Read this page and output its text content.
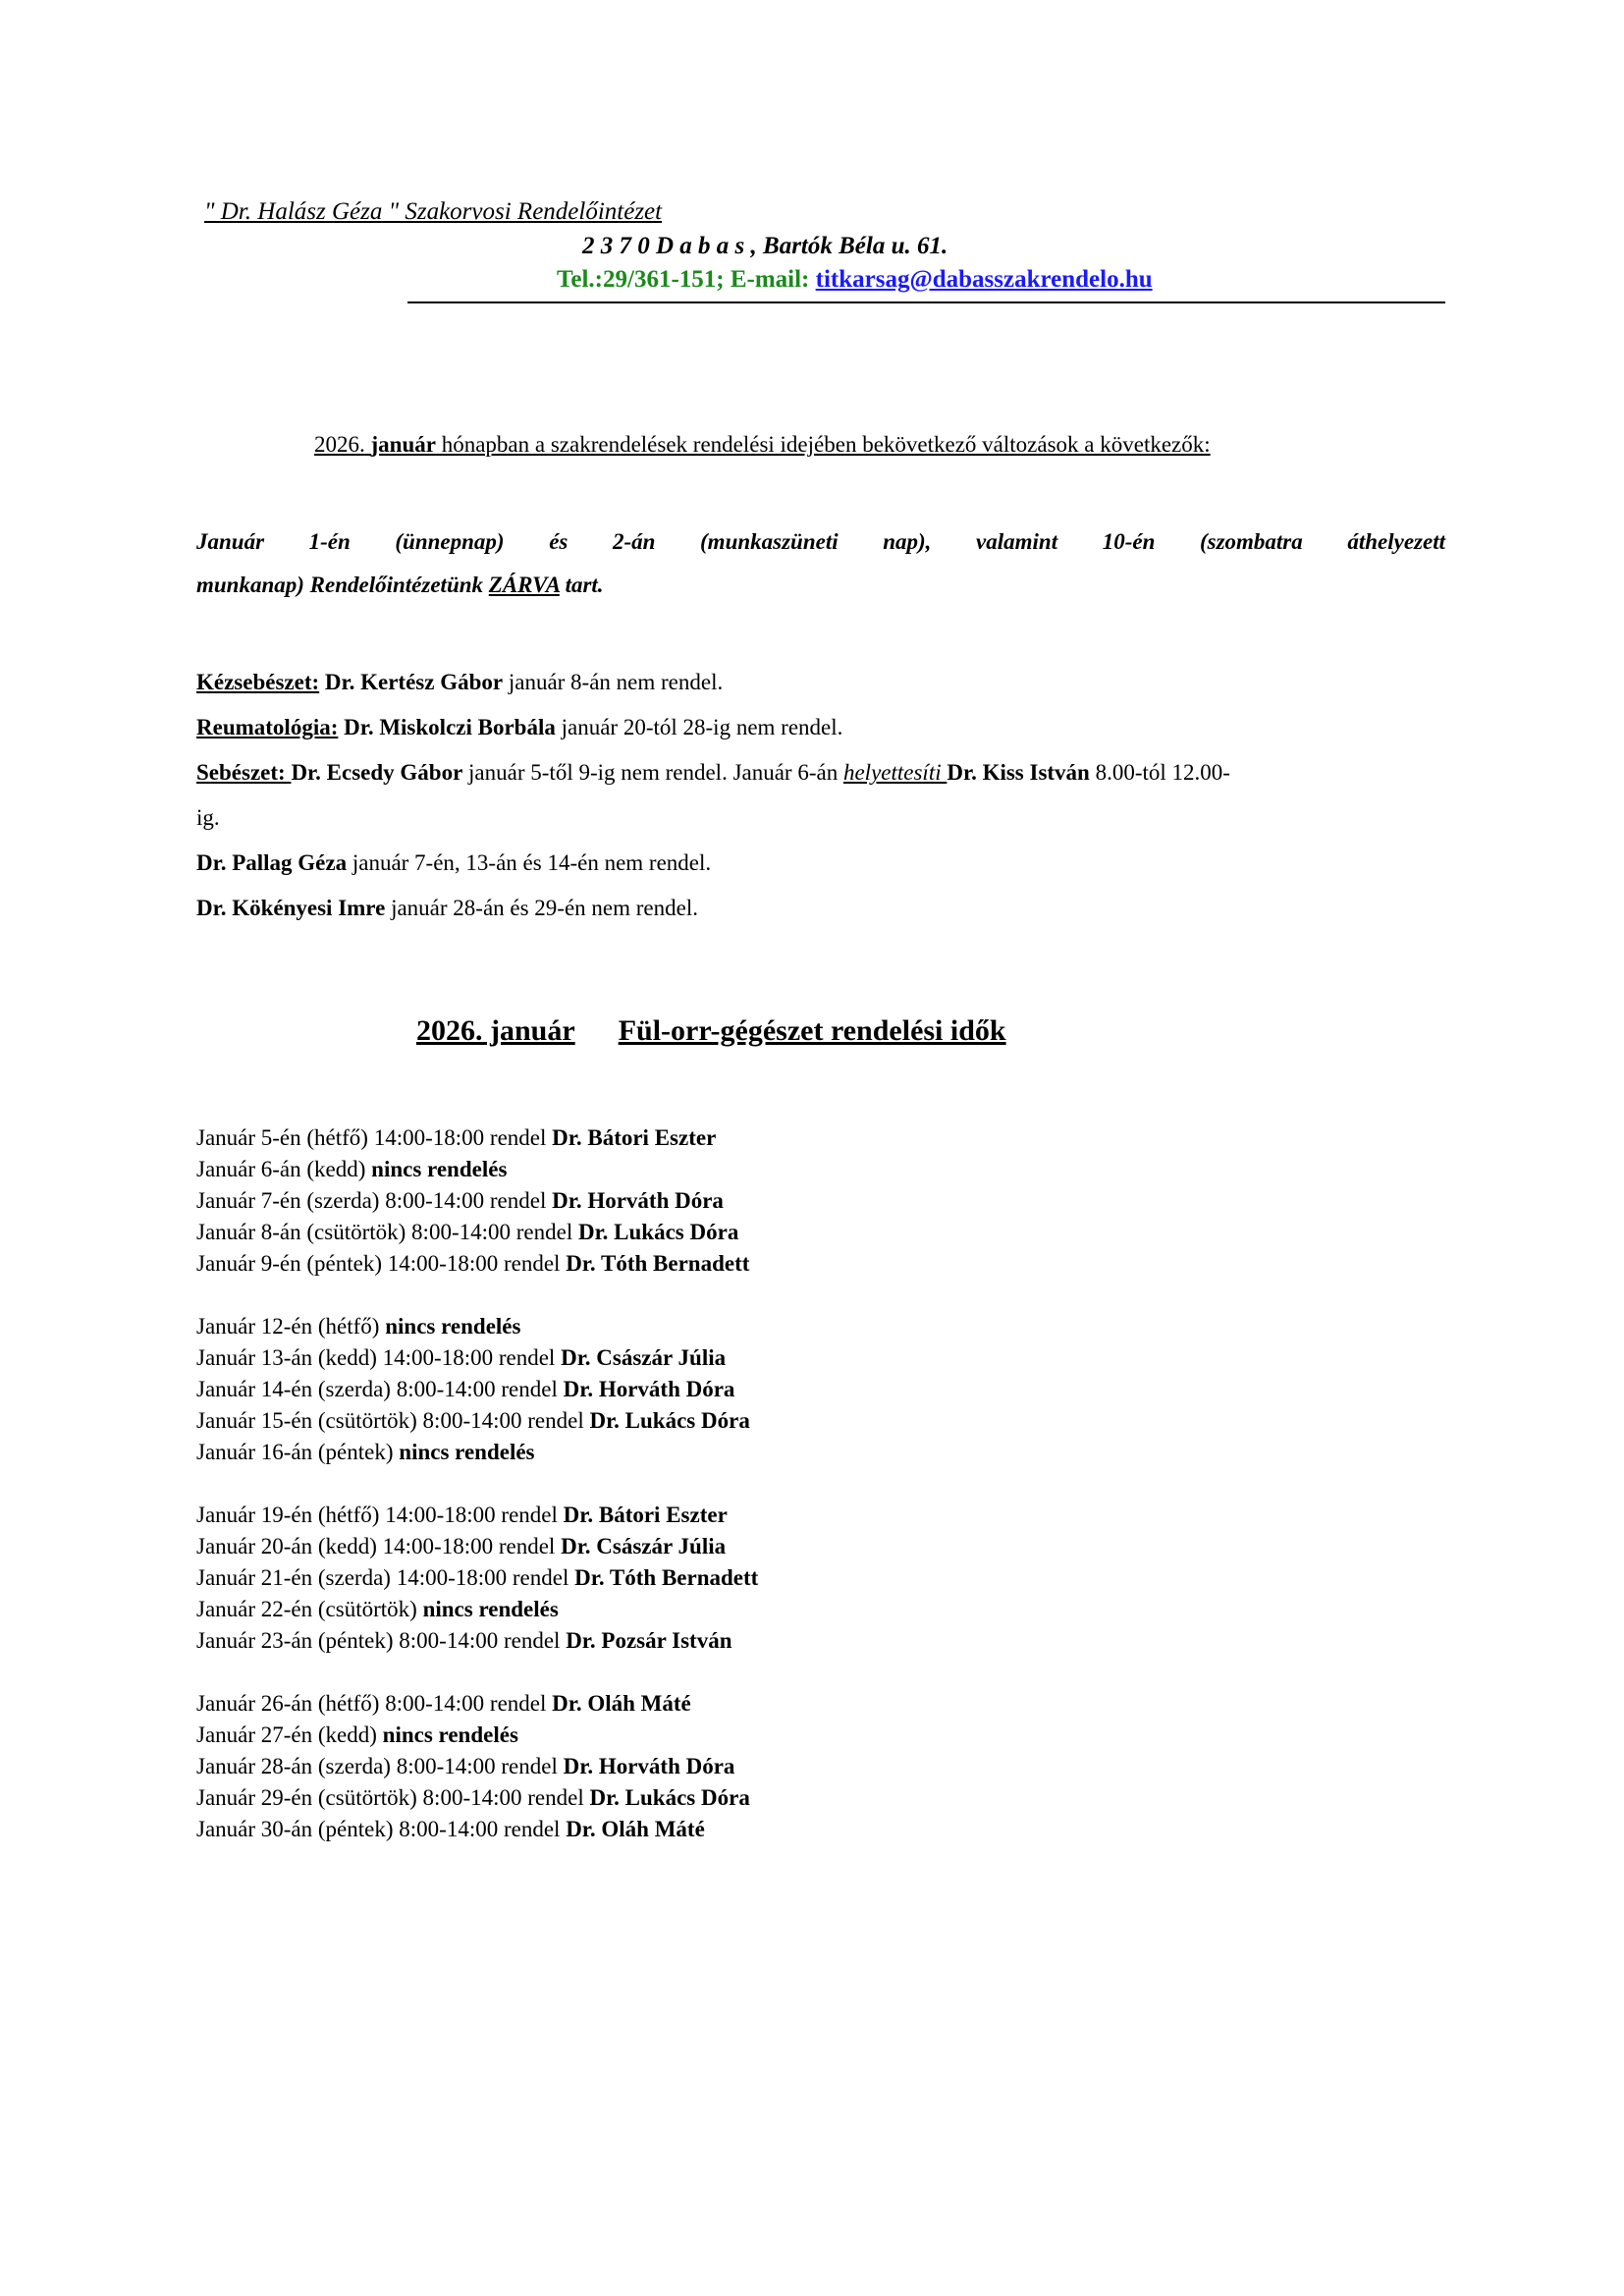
" Dr. Halász Géza " Szakorvosi Rendelőintézet
2 3 7 0 D a b a s , Bartók Béla u. 61.
Tel.:29/361-151; E-mail: titkarsag@dabasszakrendelo.hu
2026. január hónapban a szakrendelések rendelési idejében bekövetkező változások a következők:
Január 1-én (ünnepnap) és 2-án (munkaszüneti nap), valamint 10-én (szombatra áthelyezett
munkanap) Rendelőintézetünk ZÁRVA tart.
Kézsebészet: Dr. Kertész Gábor január 8-án nem rendel.
Reumatológia: Dr. Miskolczi Borbála január 20-tól 28-ig nem rendel.
Sebészet: Dr. Ecsedy Gábor január 5-től 9-ig nem rendel. Január 6-án helyettesíti Dr. Kiss István 8.00-tól 12.00-
ig.
Dr. Pallag Géza január 7-én, 13-án és 14-én nem rendel.
Dr. Kökényesi Imre január 28-án és 29-én nem rendel.
2026. január Fül-orr-gégészet rendelési idők
Január 5-én (hétfő) 14:00-18:00 rendel Dr. Bátori Eszter
Január 6-án (kedd) nincs rendelés
Január 7-én (szerda) 8:00-14:00 rendel Dr. Horváth Dóra
Január 8-án (csütörtök) 8:00-14:00 rendel Dr. Lukács Dóra
Január 9-én (péntek) 14:00-18:00 rendel Dr. Tóth Bernadett
Január 12-én (hétfő) nincs rendelés
Január 13-án (kedd) 14:00-18:00 rendel Dr. Császár Júlia
Január 14-én (szerda) 8:00-14:00 rendel Dr. Horváth Dóra
Január 15-én (csütörtök) 8:00-14:00 rendel Dr. Lukács Dóra
Január 16-án (péntek) nincs rendelés
Január 19-én (hétfő) 14:00-18:00 rendel Dr. Bátori Eszter
Január 20-án (kedd) 14:00-18:00 rendel Dr. Császár Júlia
Január 21-én (szerda) 14:00-18:00 rendel Dr. Tóth Bernadett
Január 22-én (csütörtök) nincs rendelés
Január 23-án (péntek) 8:00-14:00 rendel Dr. Pozsár István
Január 26-án (hétfő) 8:00-14:00 rendel Dr. Oláh Máté
Január 27-én (kedd) nincs rendelés
Január 28-án (szerda) 8:00-14:00 rendel Dr. Horváth Dóra
Január 29-én (csütörtök) 8:00-14:00 rendel Dr. Lukács Dóra
Január 30-án (péntek) 8:00-14:00 rendel Dr. Oláh Máté
